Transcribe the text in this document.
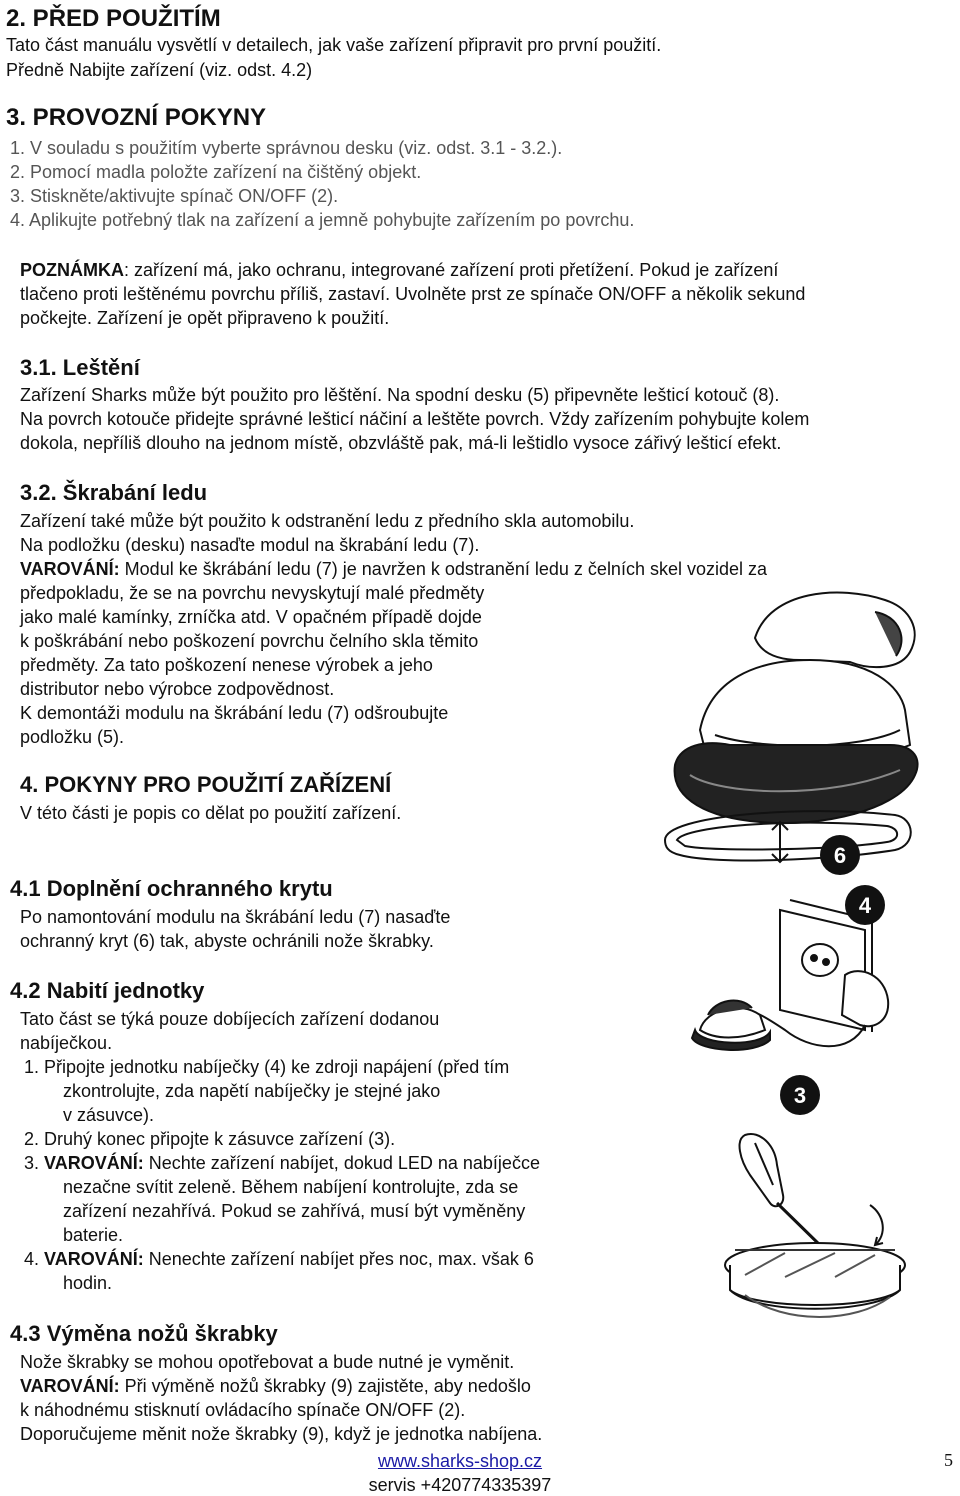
2. PŘED POUŽITÍM
Tato část manuálu vysvětlí v detailech, jak vaše zařízení připravit pro první použití.
Předně Nabijte zařízení (viz. odst. 4.2)
3. PROVOZNÍ POKYNY
1. V souladu s použitím vyberte správnou desku (viz. odst. 3.1 - 3.2.).
2. Pomocí madla položte zařízení na čištěný objekt.
3. Stiskněte/aktivujte spínač ON/OFF (2).
4. Aplikujte potřebný tlak na zařízení a jemně pohybujte zařízením po povrchu.
POZNÁMKA: zařízení má, jako ochranu, integrované zařízení proti přetížení. Pokud je zařízení
tlačeno proti leštěnému povrchu příliš, zastaví. Uvolněte prst ze spínače ON/OFF a několik sekund
počkejte. Zařízení je opět připraveno k použití.
3.1. Leštění
Zařízení Sharks může být použito pro lěštění. Na spodní desku (5) připevněte lešticí kotouč (8).
Na povrch kotouče přidejte správné lešticí náčiní a leštěte povrch. Vždy zařízením pohybujte kolem
dokola, nepříliš dlouho na jednom místě, obzvláště pak, má-li leštidlo vysoce zářivý lešticí efekt.
3.2. Škrabání ledu
Zařízení také může být použito k odstranění ledu z předního skla automobilu.
Na podložku (desku) nasaďte modul na škrabání ledu (7).
VAROVÁNÍ: Modul ke škrábání ledu (7) je navržen k odstranění ledu z čelních skel vozidel za
předpokladu, že se na povrchu nevyskytují malé předměty
jako malé kamínky, zrníčka atd. V opačném případě dojde
k poškrábání nebo poškození povrchu čelního skla těmito
předměty. Za tato poškození nenese výrobek a jeho
distributor nebo výrobce zodpovědnost.
K demontáži modulu na škrábání ledu (7) odšroubujte
podložku (5).
4. POKYNY PRO POUŽITÍ ZAŘÍZENÍ
V této části je popis co dělat po použití zařízení.
4.1 Doplnění ochranného krytu
Po namontování modulu na škrábání ledu (7) nasaďte
ochranný kryt (6) tak, abyste ochránili nože škrabky.
4.2 Nabití jednotky
Tato část se týká pouze dobíjecích zařízení dodanou
nabíječkou.
1. Připojte jednotku nabíječky (4) ke zdroji napájení (před tím
zkontrolujte, zda napětí nabíječky je stejné jako
v zásuvce).
2. Druhý konec připojte k zásuvce zařízení (3).
3. VAROVÁNÍ: Nechte zařízení nabíjet, dokud LED na nabíječce
nezačne svítit zeleně. Během nabíjení kontrolujte, zda se
zařízení nezahřívá. Pokud se zahřívá, musí být vyměněny
baterie.
4. VAROVÁNÍ: Nenechte zařízení nabíjet přes noc, max. však 6
hodin.
4.3 Výměna nožů škrabky
Nože škrabky se mohou opotřebovat a bude nutné je vyměnit.
VAROVÁNÍ: Při výměně nožů škrabky (9) zajistěte, aby nedošlo
k náhodnému stisknutí ovládacího spínače ON/OFF (2).
Doporučujeme měnit nože škrabky (9), když je jednotka nabíjena.
www.sharks-shop.cz
servis +420774335397
5
6
4
3
